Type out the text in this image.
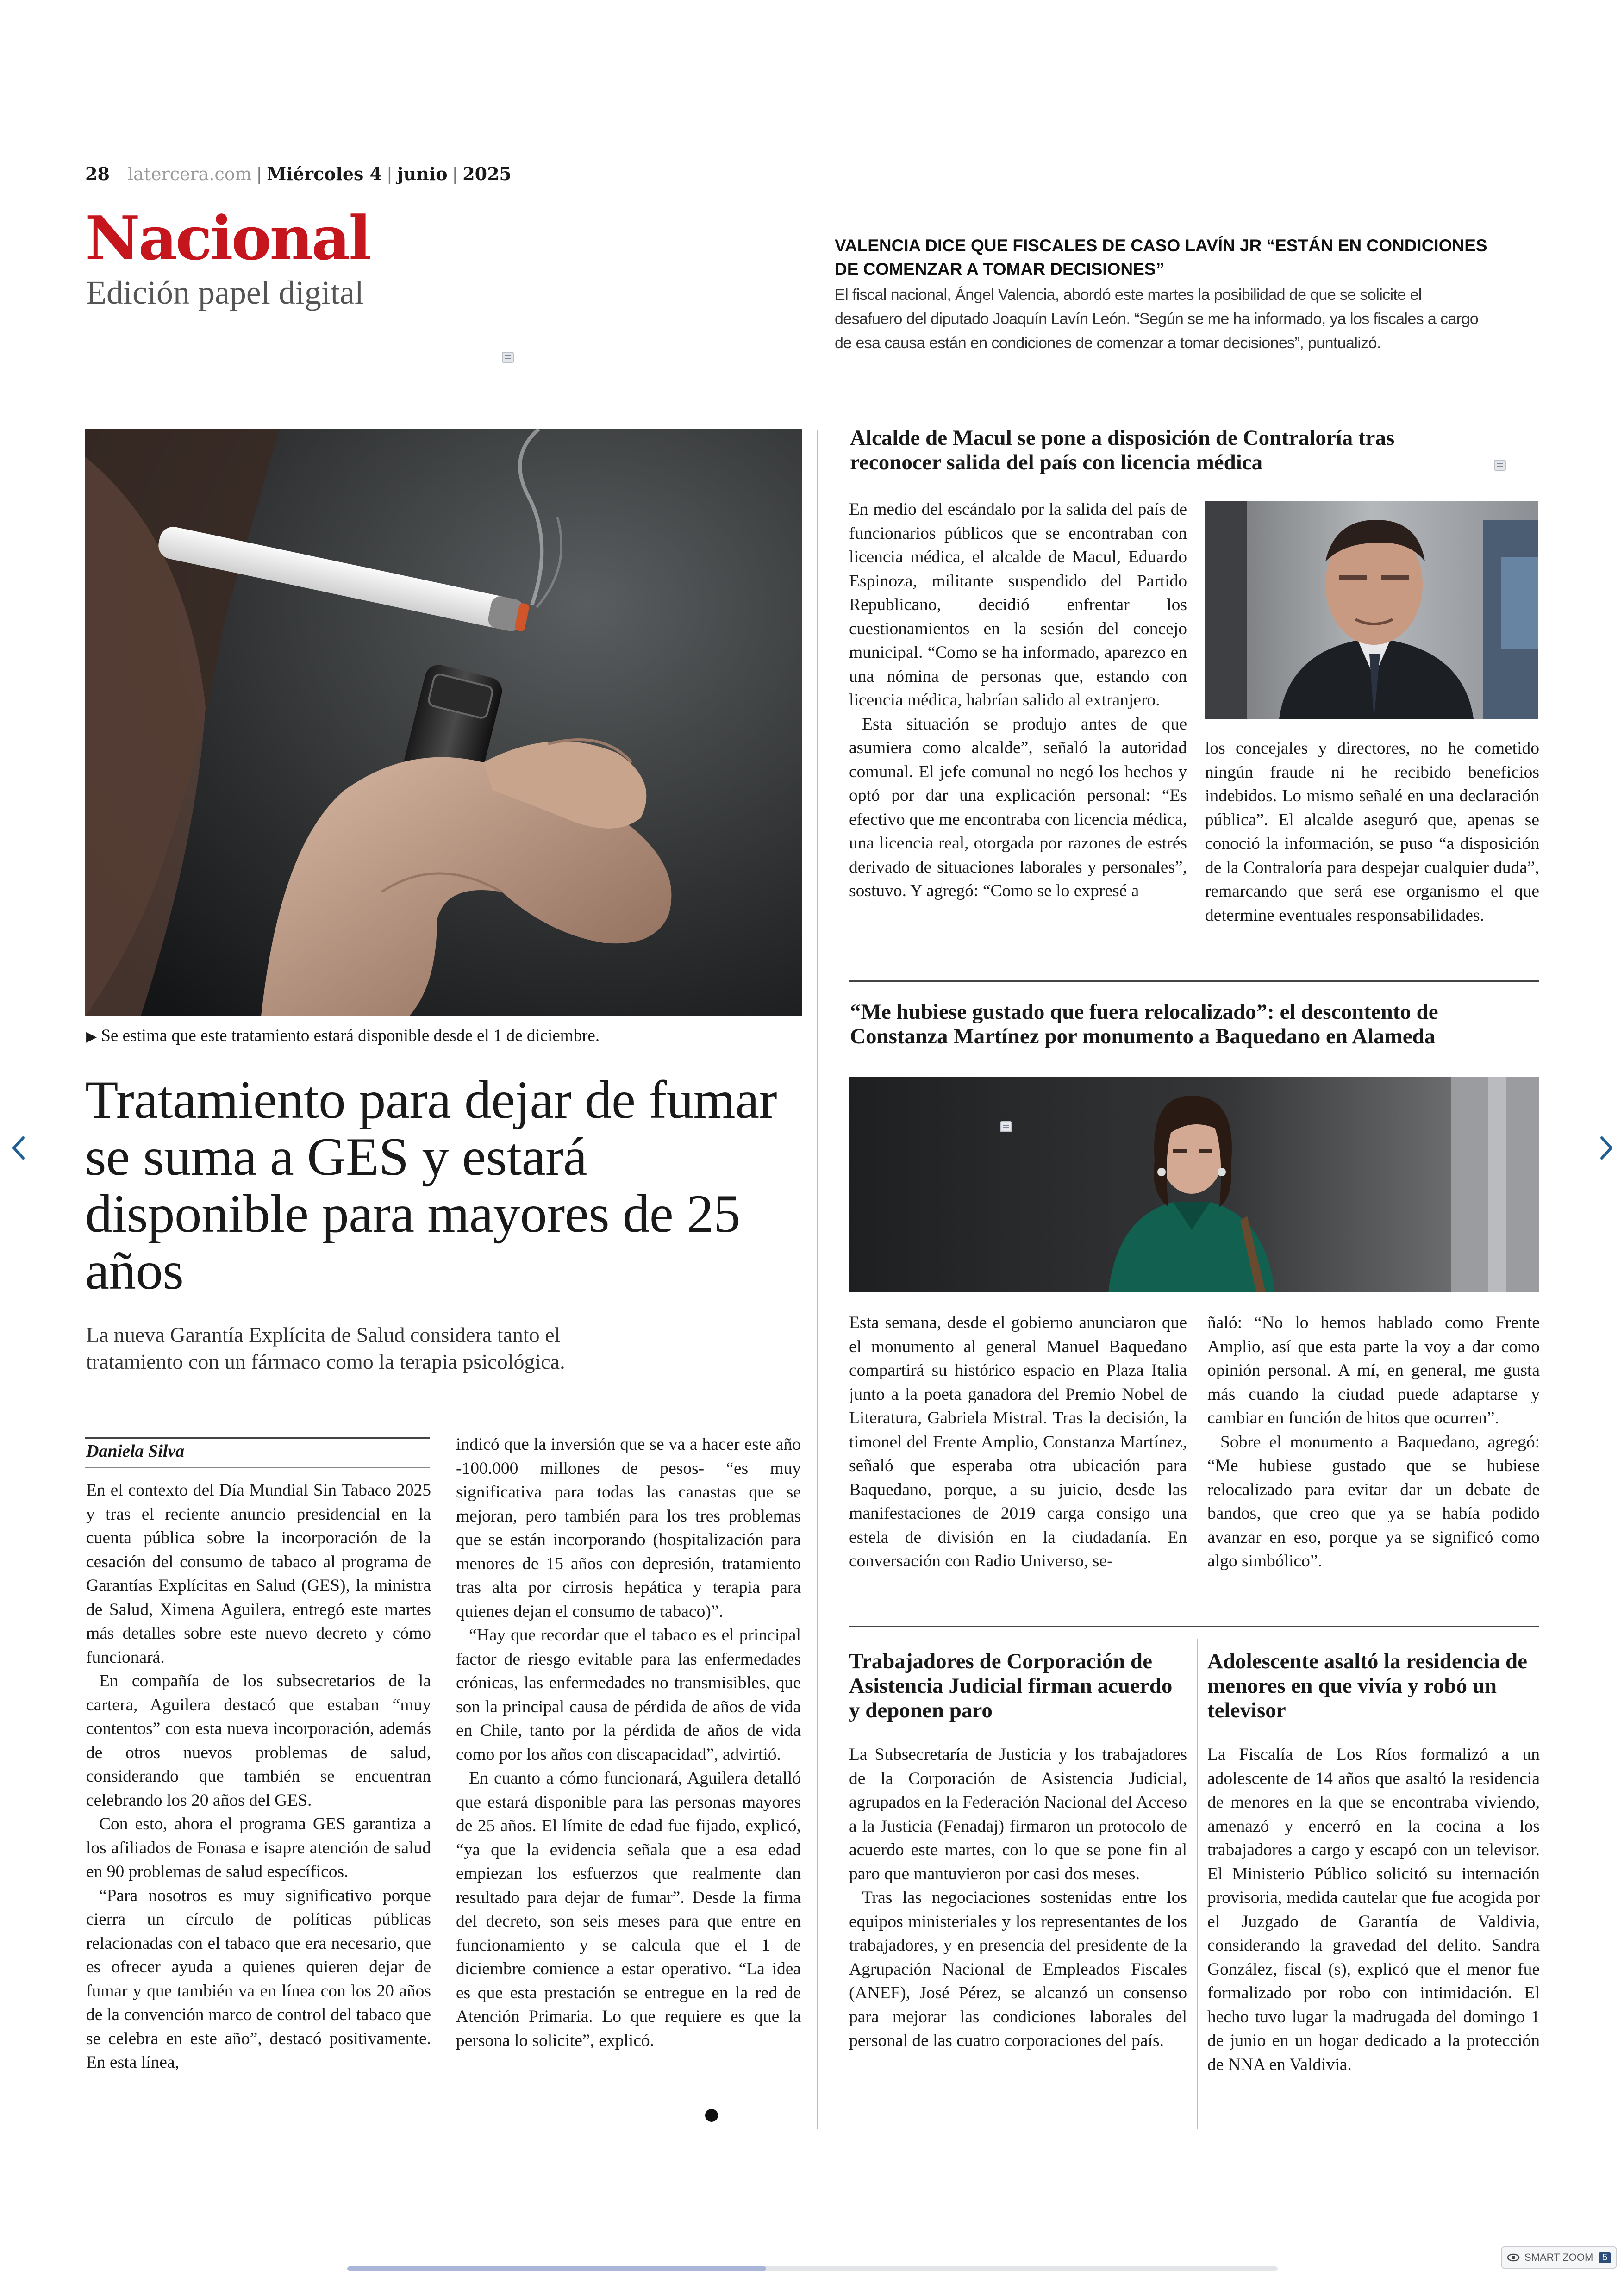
28 latercera.com | Miércoles 4 | junio | 2025
Nacional
Edición papel digital
VALENCIA DICE QUE FISCALES DE CASO LAVÍN JR “ESTÁN EN CONDICIONES DE COMENZAR A TOMAR DECISIONES”
El fiscal nacional, Ángel Valencia, abordó este martes la posibilidad de que se solicite el desafuero del diputado Joaquín Lavín León. “Según se me ha informado, ya los fiscales a cargo de esa causa están en condiciones de comenzar a tomar decisiones”, puntualizó.
▶ Se estima que este tratamiento estará disponible desde el 1 de diciembre.
Tratamiento para dejar de fumar se suma a GES y estará disponible para mayores de 25 años
La nueva Garantía Explícita de Salud considera tanto el tratamiento con un fármaco como la terapia psicológica.
Daniela Silva

En el contexto del Día Mundial Sin Tabaco 2025 y tras el reciente anuncio presidencial en la cuenta pública sobre la incorporación de la cesación del consumo de tabaco al programa de Garantías Explícitas en Salud (GES), la ministra de Salud, Ximena Aguilera, entregó este martes más detalles sobre este nuevo decreto y cómo funcionará.

En compañía de los subsecretarios de la cartera, Aguilera destacó que estaban “muy contentos” con esta nueva incorporación, además de otros nuevos problemas de salud, considerando que también se encuentran celebrando los 20 años del GES.

Con esto, ahora el programa GES garantiza a los afiliados de Fonasa e isapre atención de salud en 90 problemas de salud específicos.

“Para nosotros es muy significativo porque cierra un círculo de políticas públicas relacionadas con el tabaco que era necesario, que es ofrecer ayuda a quienes quieren dejar de fumar y que también va en línea con los 20 años de la convención marco de control del tabaco que se celebra en este año”, destacó positivamente. En esta línea,

indicó que la inversión que se va a hacer este año -100.000 millones de pesos- “es muy significativa para todas las canastas que se mejoran, pero también para los tres problemas que se están incorporando (hospitalización para menores de 15 años con depresión, tratamiento tras alta por cirrosis hepática y terapia para quienes dejan el consumo de tabaco)”.

“Hay que recordar que el tabaco es el principal factor de riesgo evitable para las enfermedades crónicas, las enfermedades no transmisibles, que son la principal causa de pérdida de años de vida en Chile, tanto por la pérdida de años de vida como por los años con discapacidad”, advirtió.

En cuanto a cómo funcionará, Aguilera detalló que estará disponible para las personas mayores de 25 años. El límite de edad fue fijado, explicó, “ya que la evidencia señala que a esa edad empiezan los esfuerzos que realmente dan resultado para dejar de fumar”. Desde la firma del decreto, son seis meses para que entre en funcionamiento y se calcula que el 1 de diciembre comience a estar operativo. “La idea es que esta prestación se entregue en la red de Atención Primaria. Lo que requiere es que la persona lo solicite”, explicó.

Alcalde de Macul se pone a disposición de Contraloría tras reconocer salida del país con licencia médica

En medio del escándalo por la salida del país de funcionarios públicos que se encontraban con licencia médica, el alcalde de Macul, Eduardo Espinoza, militante suspendido del Partido Republicano, decidió enfrentar los cuestionamientos en la sesión del concejo municipal. “Como se ha informado, aparezco en una nómina de personas que, estando con licencia médica, habrían salido al extranjero.

Esta situación se produjo antes de que asumiera como alcalde”, señaló la autoridad comunal. El jefe comunal no negó los hechos y optó por dar una explicación personal: “Es efectivo que me encontraba con licencia médica, una licencia real, otorgada por razones de estrés derivado de situaciones laborales y personales”, sostuvo. Y agregó: “Como se lo expresé a

los concejales y directores, no he cometido ningún fraude ni he recibido beneficios indebidos. Lo mismo señalé en una declaración pública”. El alcalde aseguró que, apenas se conoció la información, se puso “a disposición de la Contraloría para despejar cualquier duda”, remarcando que será ese organismo el que determine eventuales responsabilidades.

“Me hubiese gustado que fuera relocalizado”: el descontento de Constanza Martínez por monumento a Baquedano en Alameda

Esta semana, desde el gobierno anunciaron que el monumento al general Manuel Baquedano compartirá su histórico espacio en Plaza Italia junto a la poeta ganadora del Premio Nobel de Literatura, Gabriela Mistral. Tras la decisión, la timonel del Frente Amplio, Constanza Martínez, señaló que esperaba otra ubicación para Baquedano, porque, a su juicio, desde las manifestaciones de 2019 carga consigo una estela de división en la ciudadanía. En conversación con Radio Universo, se-

ñaló: “No lo hemos hablado como Frente Amplio, así que esta parte la voy a dar como opinión personal. A mí, en general, me gusta más cuando la ciudad puede adaptarse y cambiar en función de hitos que ocurren”.

Sobre el monumento a Baquedano, agregó: “Me hubiese gustado que se hubiese relocalizado para evitar dar un debate de bandos, que creo que ya se había podido avanzar en eso, porque ya se significó como algo simbólico”.

Trabajadores de Corporación de Asistencia Judicial firman acuerdo y deponen paro

La Subsecretaría de Justicia y los trabajadores de la Corporación de Asistencia Judicial, agrupados en la Federación Nacional del Acceso a la Justicia (Fenadaj) firmaron un protocolo de acuerdo este martes, con lo que se pone fin al paro que mantuvieron por casi dos meses.

Tras las negociaciones sostenidas entre los equipos ministeriales y los representantes de los trabajadores, y en presencia del presidente de la Agrupación Nacional de Empleados Fiscales (ANEF), José Pérez, se alcanzó un consenso para mejorar las condiciones laborales del personal de las cuatro corporaciones del país.

Adolescente asaltó la residencia de menores en que vivía y robó un televisor

La Fiscalía de Los Ríos formalizó a un adolescente de 14 años que asaltó la residencia de menores en la que se encontraba viviendo, amenazó y encerró en la cocina a los trabajadores a cargo y escapó con un televisor. El Ministerio Público solicitó su internación provisoria, medida cautelar que fue acogida por el Juzgado de Garantía de Valdivia, considerando la gravedad del delito. Sandra González, fiscal (s), explicó que el menor fue formalizado por robo con intimidación. El hecho tuvo lugar la madrugada del domingo 1 de junio en un hogar dedicado a la protección de NNA en Valdivia.

SMART ZOOM	5
